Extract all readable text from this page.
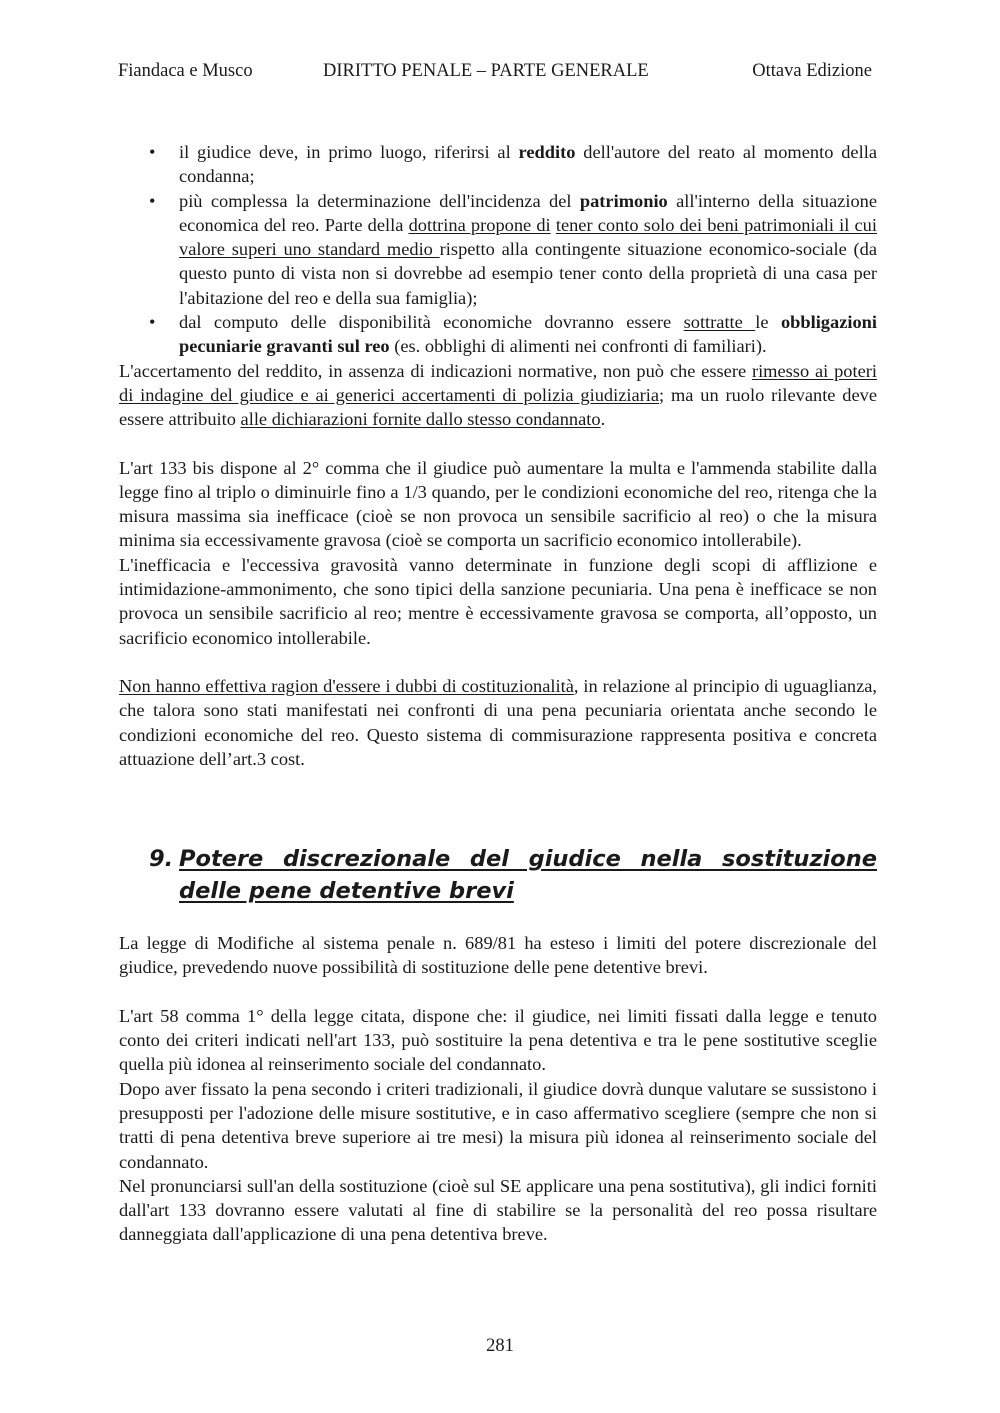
Fiandaca e Musco	DIRITTO PENALE – PARTE GENERALE	Ottava Edizione
• il giudice deve, in primo luogo, riferirsi al reddito dell'autore del reato al momento della condanna;
• più complessa la determinazione dell'incidenza del patrimonio all'interno della situazione economica del reo. Parte della dottrina propone di tener conto solo dei beni patrimoniali il cui valore superi uno standard medio rispetto alla contingente situazione economico-sociale (da questo punto di vista non si dovrebbe ad esempio tener conto della proprietà di una casa per l'abitazione del reo e della sua famiglia);
• dal computo delle disponibilità economiche dovranno essere sottratte le obbligazioni pecuniarie gravanti sul reo (es. obblighi di alimenti nei confronti di familiari).

L'accertamento del reddito, in assenza di indicazioni normative, non può che essere rimesso ai poteri di indagine del giudice e ai generici accertamenti di polizia giudiziaria; ma un ruolo rilevante deve essere attribuito alle dichiarazioni fornite dallo stesso condannato.

L'art 133 bis dispone al 2° comma che il giudice può aumentare la multa e l'ammenda stabilite dalla legge fino al triplo o diminuirle fino a 1/3 quando, per le condizioni economiche del reo, ritenga che la misura massima sia inefficace (cioè se non provoca un sensibile sacrificio al reo) o che la misura minima sia eccessivamente gravosa (cioè se comporta un sacrificio economico intollerabile).

L'inefficacia e l'eccessiva gravosità vanno determinate in funzione degli scopi di afflizione e intimidazione-ammonimento, che sono tipici della sanzione pecuniaria. Una pena è inefficace se non provoca un sensibile sacrificio al reo; mentre è eccessivamente gravosa se comporta, all’opposto, un sacrificio economico intollerabile.

Non hanno effettiva ragion d'essere i dubbi di costituzionalità, in relazione al principio di uguaglianza, che talora sono stati manifestati nei confronti di una pena pecuniaria orientata anche secondo le condizioni economiche del reo. Questo sistema di commisurazione rappresenta positiva e concreta attuazione dell’art.3 cost.

9. Potere discrezionale del giudice nella sostituzione delle pene detentive brevi

La legge di Modifiche al sistema penale n. 689/81 ha esteso i limiti del potere discrezionale del giudice, prevedendo nuove possibilità di sostituzione delle pene detentive brevi.

L'art 58 comma 1° della legge citata, dispone che: il giudice, nei limiti fissati dalla legge e tenuto conto dei criteri indicati nell'art 133, può sostituire la pena detentiva e tra le pene sostitutive sceglie quella più idonea al reinserimento sociale del condannato.

Dopo aver fissato la pena secondo i criteri tradizionali, il giudice dovrà dunque valutare se sussistono i presupposti per l'adozione delle misure sostitutive, e in caso affermativo scegliere (sempre che non si tratti di pena detentiva breve superiore ai tre mesi) la misura più idonea al reinserimento sociale del condannato.

Nel pronunciarsi sull'an della sostituzione (cioè sul SE applicare una pena sostitutiva), gli indici forniti dall'art 133 dovranno essere valutati al fine di stabilire se la personalità del reo possa risultare danneggiata dall'applicazione di una pena detentiva breve.

281
